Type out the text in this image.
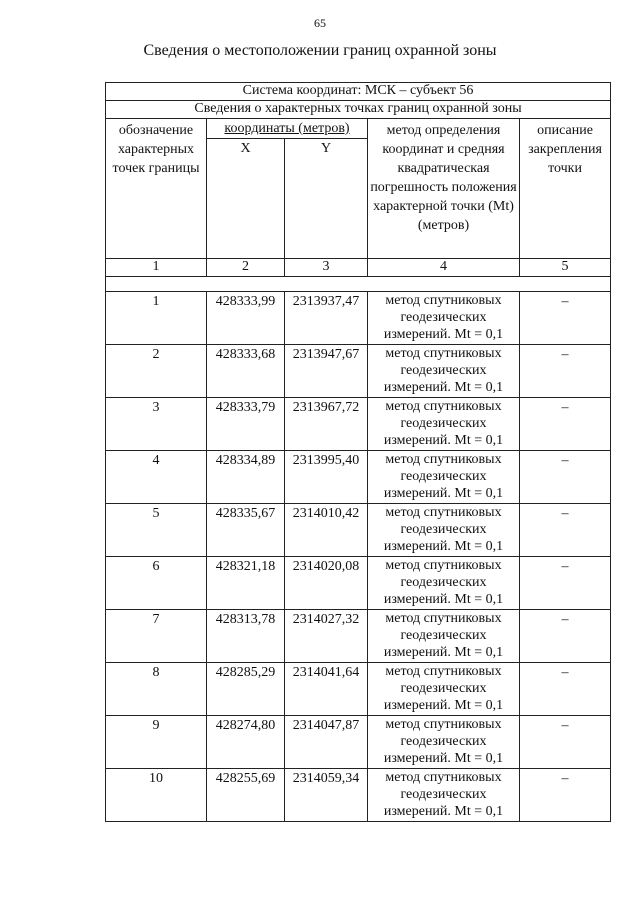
65
Сведения о местоположении границ охранной зоны
Система координат: МСК – субъект 56				
Сведения о характерных точках границ охранной зоны				

обозначение характерных точек границы	координаты (метров)		метод определения координат и средняя квадратическая погрешность положения характерной точки (Mt) (метров)	описание закрепления точки

	X	Y		
1	2	3	4	5

1	428333,99	2313937,47	метод спутниковых геодезических измерений. Mt = 0,1	–
2	428333,68	2313947,67	метод спутниковых геодезических измерений. Mt = 0,1	–
3	428333,79	2313967,72	метод спутниковых геодезических измерений. Mt = 0,1	–
4	428334,89	2313995,40	метод спутниковых геодезических измерений. Mt = 0,1	–
5	428335,67	2314010,42	метод спутниковых геодезических измерений. Mt = 0,1	–
6	428321,18	2314020,08	метод спутниковых геодезических измерений. Mt = 0,1	–
7	428313,78	2314027,32	метод спутниковых геодезических измерений. Mt = 0,1	–
8	428285,29	2314041,64	метод спутниковых геодезических измерений. Mt = 0,1	–
9	428274,80	2314047,87	метод спутниковых геодезических измерений. Mt = 0,1	–
10	428255,69	2314059,34	метод спутниковых геодезических измерений. Mt = 0,1	–
